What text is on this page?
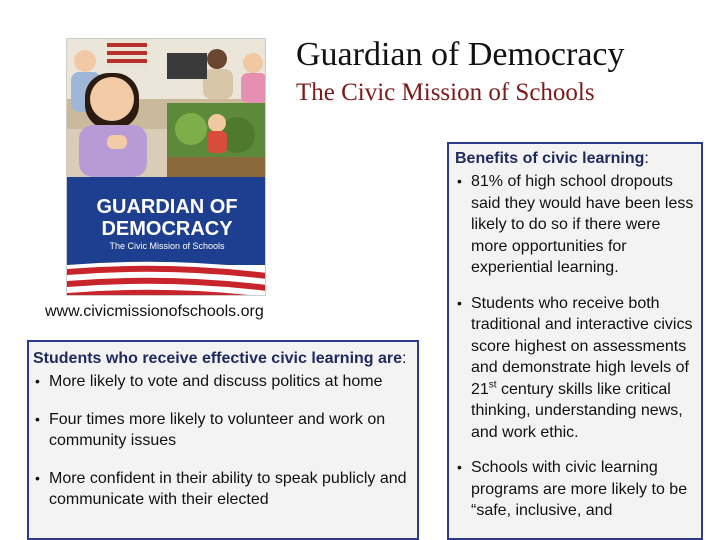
Guardian of Democracy
The Civic Mission of Schools
GUARDIAN OF
DEMOCRACY
The Civic Mission of Schools
www.civicmissionofschools.org
Students who receive effective civic learning are:
• More likely to vote and discuss politics at home
• Four times more likely to volunteer and work on community issues
• More confident in their ability to speak publicly and communicate with their elected
Benefits of civic learning:
• 81% of high school dropouts said they would have been less likely to do so if there were more opportunities for experiential learning.
• Students who receive both traditional and interactive civics score highest on assessments and demonstrate high levels of 21st century skills like critical thinking, understanding news, and work ethic.
• Schools with civic learning programs are more likely to be “safe, inclusive, and
